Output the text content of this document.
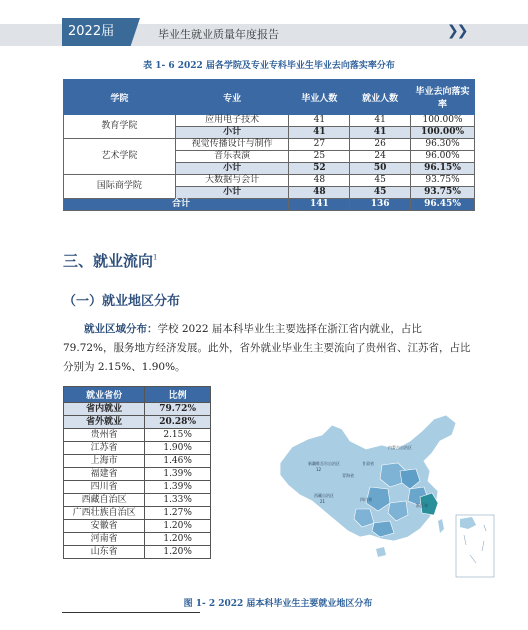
2022届	毕业生就业质量年度报告	❯❯
表 1- 6 2022 届各学院及专业专科毕业生毕业去向落实率分布
学院	专业	毕业人数	就业人数	毕业去向落实率
教育学院	应用电子技术	41	41	100.00%
	小计	41	41	100.00%
艺术学院	视觉传播设计与制作	27	26	96.30%
	音乐表演	25	24	96.00%
	小计	52	50	96.15%
国际商学院	大数据与会计	48	45	93.75%
	小计	48	45	93.75%
合计		141	136	96.45%
三、就业流向$^1$
（一）就业地区分布
就业区域分布：学校 2022 届本科毕业生主要选择在浙江省内就业，占比 79.72%，服务地方经济发展。此外，省外就业毕业生主要流向了贵州省、江苏省，占比分别为 2.15%、1.90%。
就业省份	比例
省内就业	79.72%
省外就业	20.28%
贵州省	2.15%
江苏省	1.90%
上海市	1.46%
福建省	1.39%
四川省	1.39%
西藏自治区	1.33%
广西壮族自治区	1.27%
安徽省	1.20%
河南省	1.20%
山东省	1.20%
新疆维吾尔自治区
12
西藏自治区
21
青海省
甘肃省
四川省
内蒙古自治区
浙江省
图 1- 2 2022 届本科毕业生主要就业地区分布
